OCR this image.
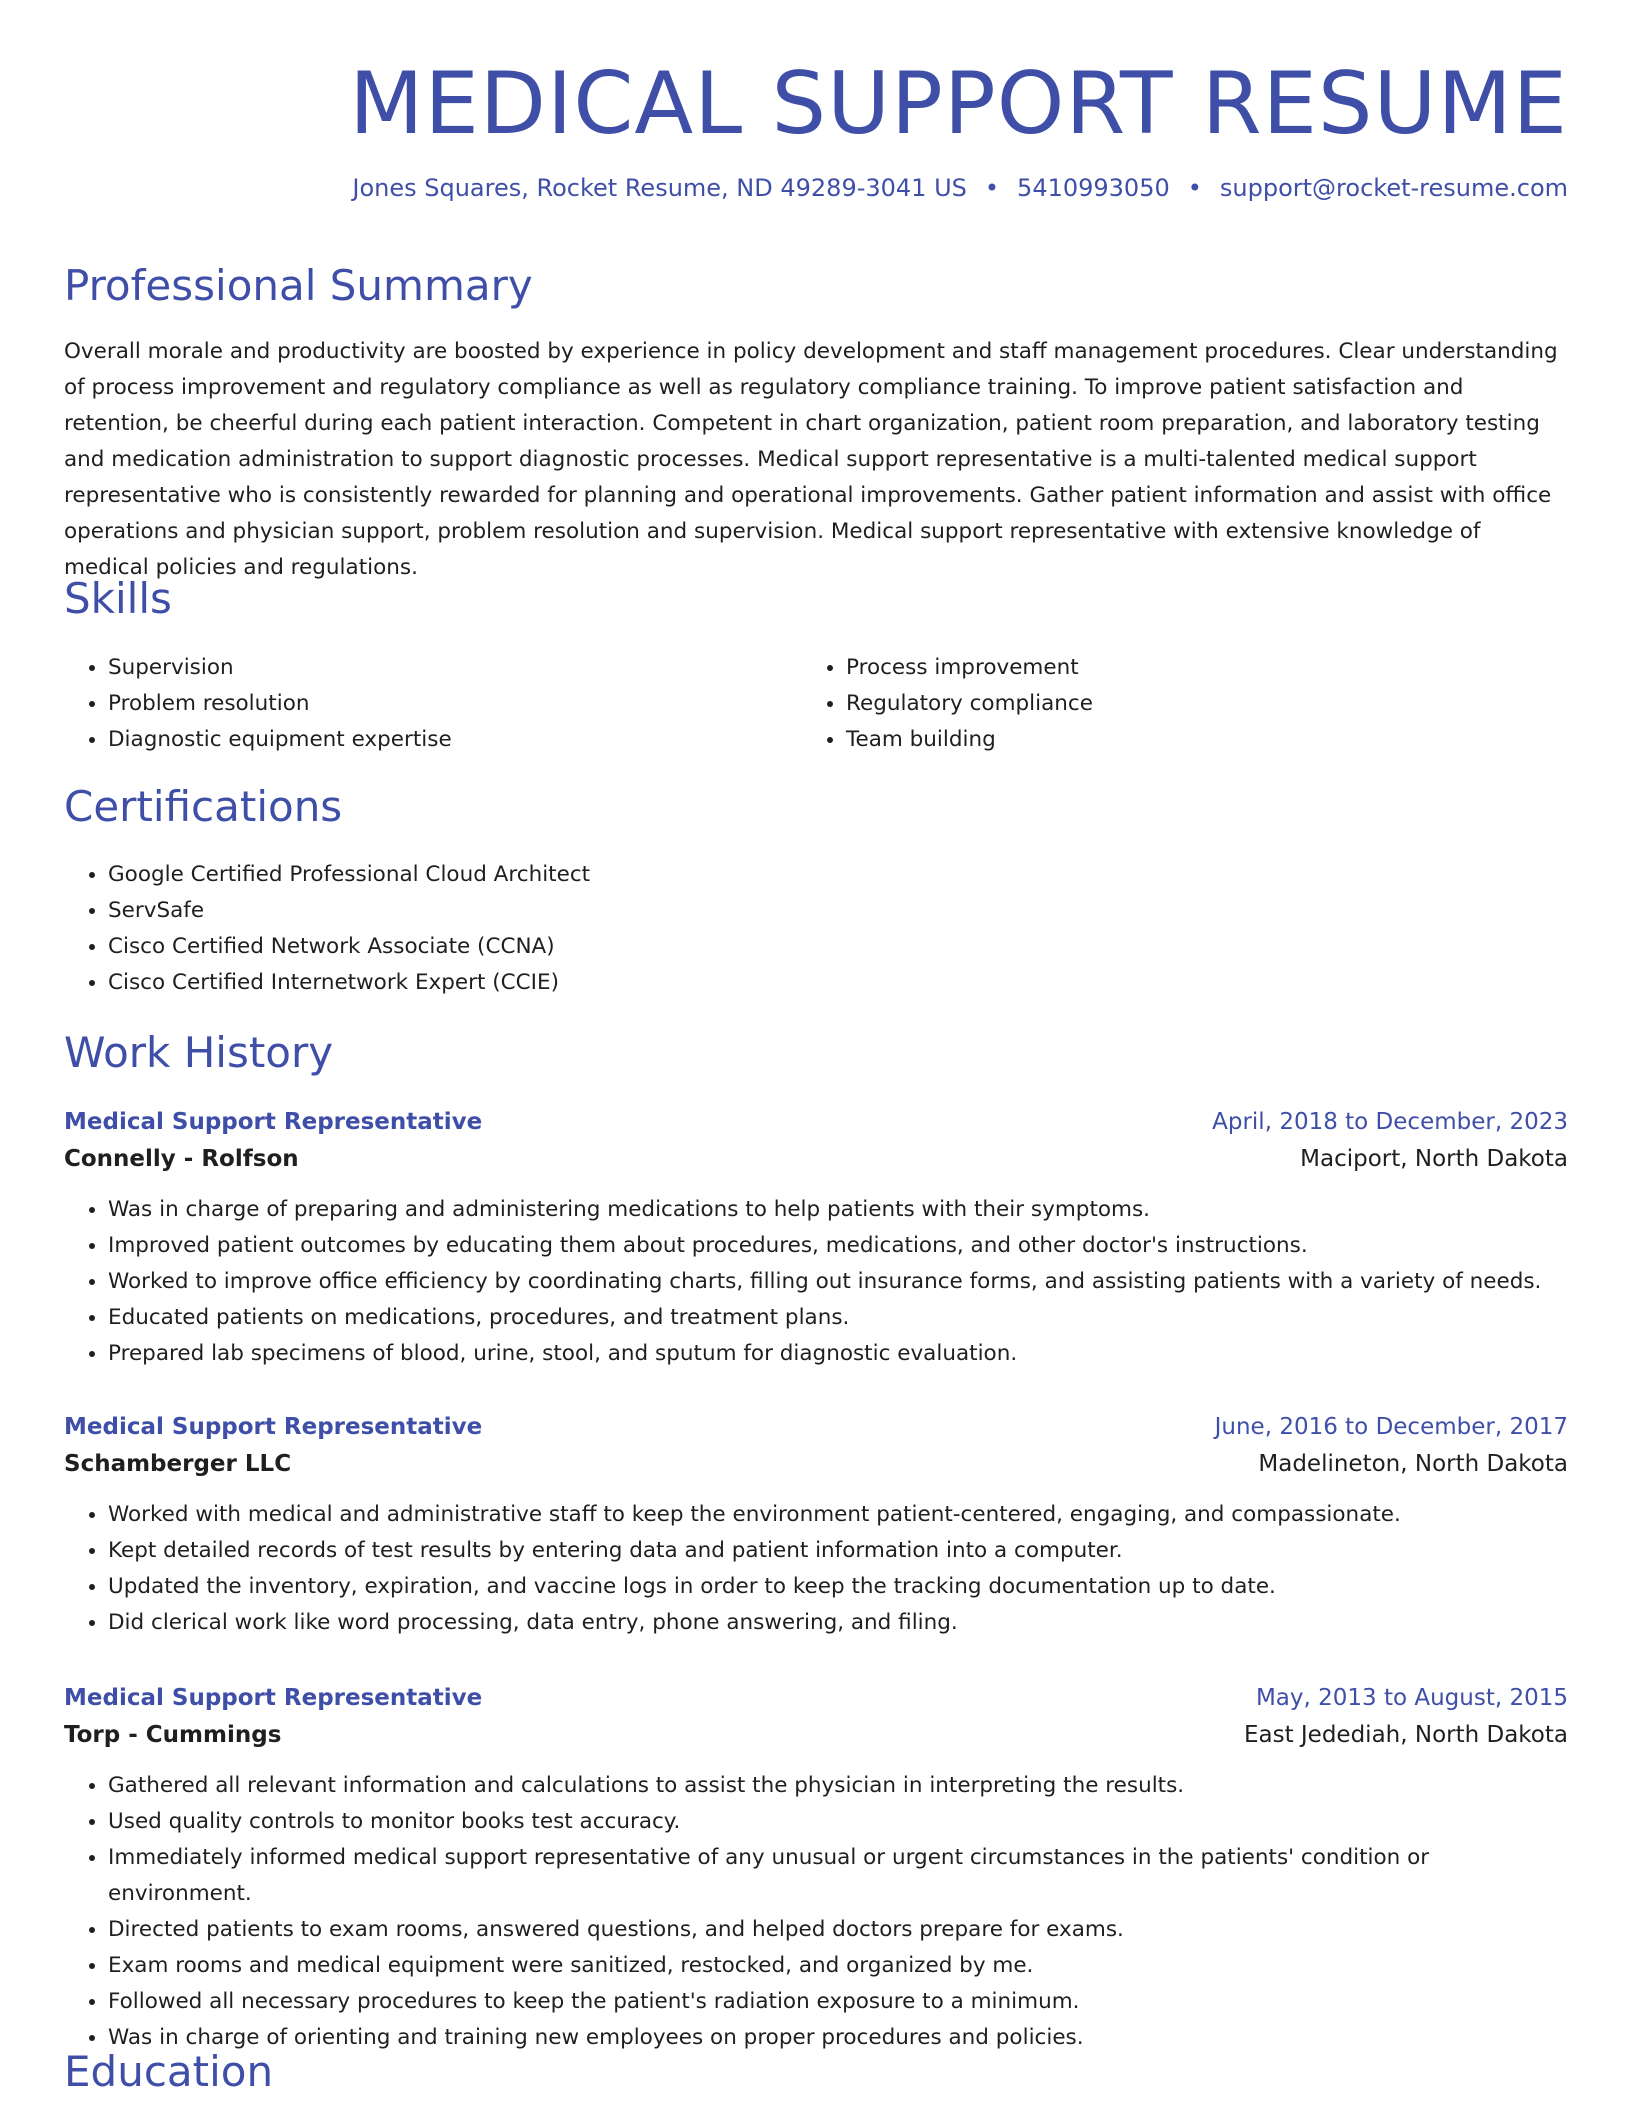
MEDICAL SUPPORT RESUME
Jones Squares, Rocket Resume, ND 49289-3041 US • 5410993050 • support@rocket-resume.com
Professional Summary

Overall morale and productivity are boosted by experience in policy development and staff management procedures. Clear understanding of process improvement and regulatory compliance as well as regulatory compliance training. To improve patient satisfaction and retention, be cheerful during each patient interaction. Competent in chart organization, patient room preparation, and laboratory testing and medication administration to support diagnostic processes. Medical support representative is a multi-talented medical support representative who is consistently rewarded for planning and operational improvements. Gather patient information and assist with office operations and physician support, problem resolution and supervision. Medical support representative with extensive knowledge of medical policies and regulations.

Skills
• Supervision
• Problem resolution
• Diagnostic equipment expertise
• Process improvement
• Regulatory compliance
• Team building
Certifications
• Google Certified Professional Cloud Architect
• ServSafe
• Cisco Certified Network Associate (CCNA)
• Cisco Certified Internetwork Expert (CCIE)
Work History
Medical Support Representative	April, 2018 to December, 2023
Connelly - Rolfson	Maciport, North Dakota
• Was in charge of preparing and administering medications to help patients with their symptoms.
• Improved patient outcomes by educating them about procedures, medications, and other doctor's instructions.
• Worked to improve office efficiency by coordinating charts, filling out insurance forms, and assisting patients with a variety of needs.
• Educated patients on medications, procedures, and treatment plans.
• Prepared lab specimens of blood, urine, stool, and sputum for diagnostic evaluation.
Medical Support Representative	June, 2016 to December, 2017
Schamberger LLC	Madelineton, North Dakota
• Worked with medical and administrative staff to keep the environment patient-centered, engaging, and compassionate.
• Kept detailed records of test results by entering data and patient information into a computer.
• Updated the inventory, expiration, and vaccine logs in order to keep the tracking documentation up to date.
• Did clerical work like word processing, data entry, phone answering, and filing.
Medical Support Representative	May, 2013 to August, 2015
Torp - Cummings	East Jedediah, North Dakota
• Gathered all relevant information and calculations to assist the physician in interpreting the results.
• Used quality controls to monitor books test accuracy.
• Immediately informed medical support representative of any unusual or urgent circumstances in the patients' condition or environment.
• Directed patients to exam rooms, answered questions, and helped doctors prepare for exams.
• Exam rooms and medical equipment were sanitized, restocked, and organized by me.
• Followed all necessary procedures to keep the patient's radiation exposure to a minimum.
• Was in charge of orienting and training new employees on proper procedures and policies.
Education
